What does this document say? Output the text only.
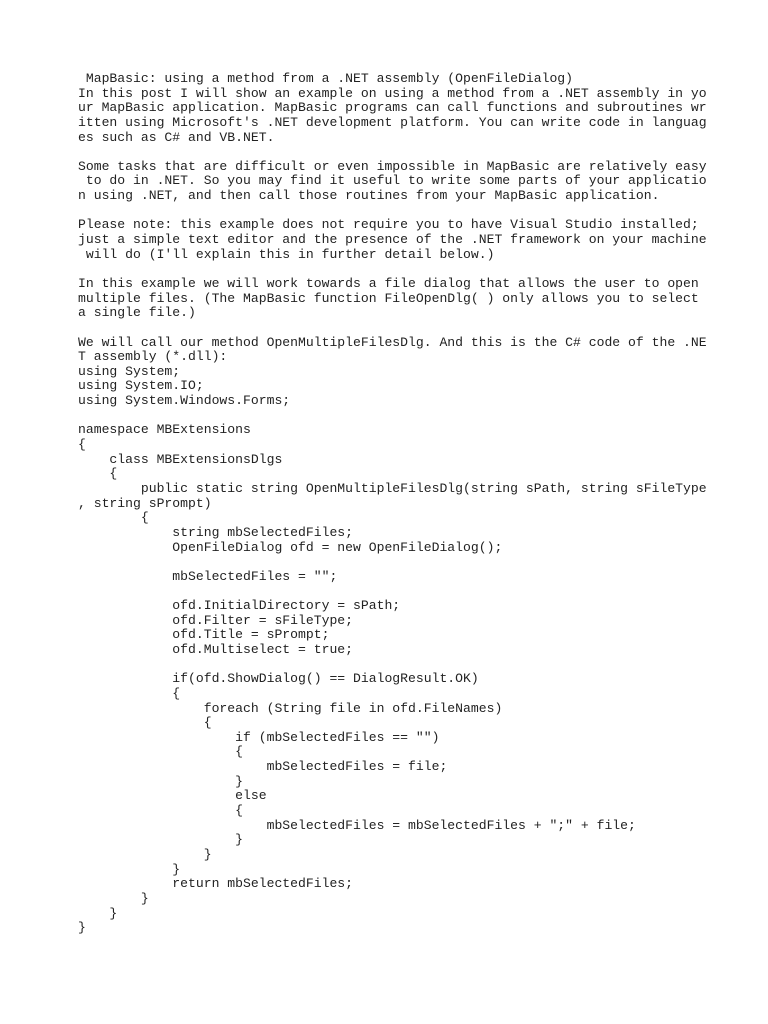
MapBasic: using a method from a .NET assembly (OpenFileDialog)
In this post I will show an example on using a method from a .NET assembly in yo
ur MapBasic application. MapBasic programs can call functions and subroutines wr
itten using Microsoft's .NET development platform. You can write code in languag
es such as C# and VB.NET.
Some tasks that are difficult or even impossible in MapBasic are relatively easy
to do in .NET. So you may find it useful to write some parts of your applicatio
n using .NET, and then call those routines from your MapBasic application.
Please note: this example does not require you to have Visual Studio installed;
just a simple text editor and the presence of the .NET framework on your machine
will do (I'll explain this in further detail below.)
In this example we will work towards a file dialog that allows the user to open
multiple files. (The MapBasic function FileOpenDlg( ) only allows you to select
a single file.)
We will call our method OpenMultipleFilesDlg. And this is the C# code of the .NE
T assembly (*.dll):
using System;
using System.IO;
using System.Windows.Forms;
namespace MBExtensions
{
class MBExtensionsDlgs
{
public static string OpenMultipleFilesDlg(string sPath, string sFileType
, string sPrompt)
{
string mbSelectedFiles;
OpenFileDialog ofd = new OpenFileDialog();
mbSelectedFiles = "";
ofd.InitialDirectory = sPath;
ofd.Filter = sFileType;
ofd.Title = sPrompt;
ofd.Multiselect = true;
if(ofd.ShowDialog() == DialogResult.OK)
{
foreach (String file in ofd.FileNames)
{
if (mbSelectedFiles == "")
{
mbSelectedFiles = file;
}
else
{
mbSelectedFiles = mbSelectedFiles + ";" + file;
}
}
}
return mbSelectedFiles;
}
}
}
